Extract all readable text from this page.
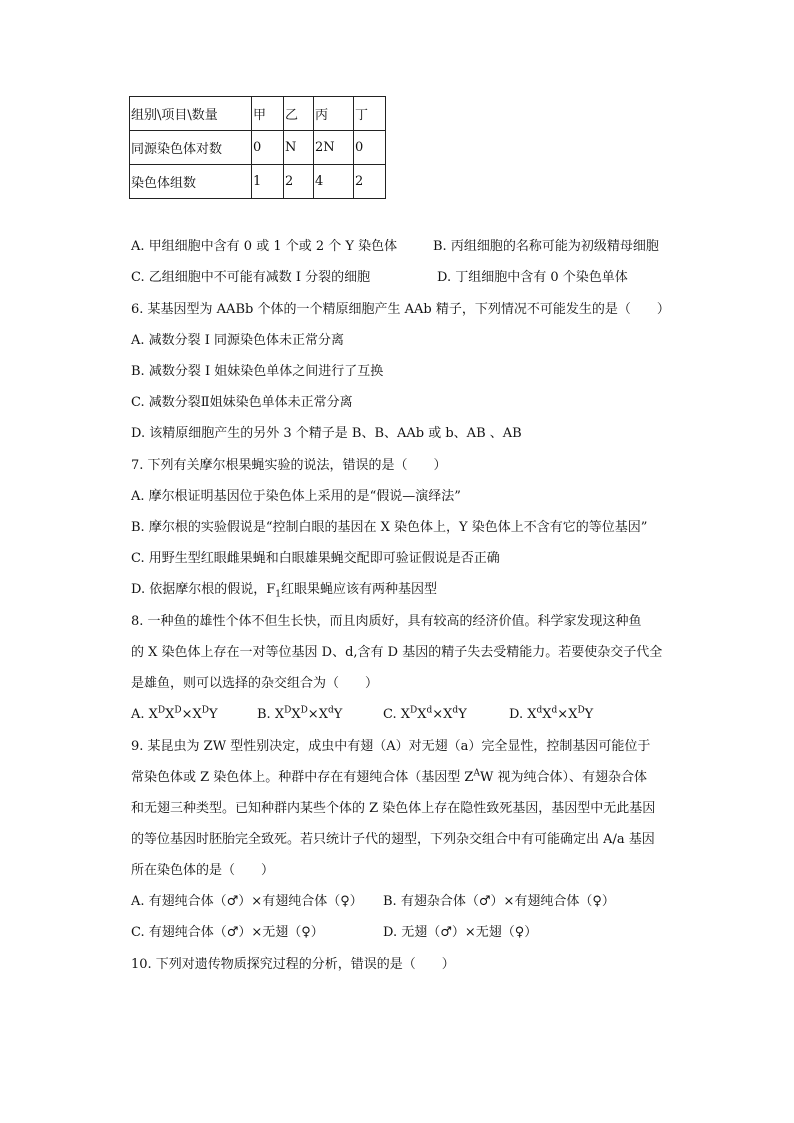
组别\项目\数量	甲	乙	丙	丁
同源染色体对数	0	N	2N	0
染色体组数	1	2	4	2
A. 甲组细胞中含有 0 或 1 个或 2 个 Y 染色体	B. 丙组细胞的名称可能为初级精母细胞
C. 乙组细胞中不可能有减数 I 分裂的细胞	D. 丁组细胞中含有 0 个染色单体
6. 某基因型为 AABb 个体的一个精原细胞产生 AAb 精子，下列情况不可能发生的是（　　）
A. 减数分裂 I 同源染色体未正常分离
B. 减数分裂 I 姐妹染色单体之间进行了互换
C. 减数分裂Ⅱ姐妹染色单体未正常分离
D. 该精原细胞产生的另外 3 个精子是 B、B、AAb 或 b、AB 、AB
7. 下列有关摩尔根果蝇实验的说法，错误的是（　　）
A. 摩尔根证明基因位于染色体上采用的是“假说—演绎法”
B. 摩尔根的实验假说是“控制白眼的基因在 X 染色体上，Y 染色体上不含有它的等位基因”
C. 用野生型红眼雌果蝇和白眼雄果蝇交配即可验证假说是否正确
D. 依据摩尔根的假说，$F_1$红眼果蝇应该有两种基因型
8. 一种鱼的雄性个体不但生长快，而且肉质好，具有较高的经济价值。科学家发现这种鱼
的 X 染色体上存在一对等位基因 D、d,含有 D 基因的精子失去受精能力。若要使杂交子代全
是雄鱼，则可以选择的杂交组合为（　　）
A. $X^DX^D\times X^DY$	B. $X^DX^D\times X^dY$	C. $X^DX^d\times X^dY$	D. $X^dX^d\times X^DY$
9. 某昆虫为 ZW 型性别决定，成虫中有翅（A）对无翅（a）完全显性，控制基因可能位于
常染色体或 Z 染色体上。种群中存在有翅纯合体（基因型 $Z^AW$ 视为纯合体）、有翅杂合体
和无翅三种类型。已知种群内某些个体的 Z 染色体上存在隐性致死基因，基因型中无此基因
的等位基因时胚胎完全致死。若只统计子代的翅型，下列杂交组合中有可能确定出 A/a 基因
所在染色体的是（　　）
A. 有翅纯合体（♂）×有翅纯合体（♀） B. 有翅杂合体（♂）×有翅纯合体（♀）
C. 有翅纯合体（♂）×无翅（♀）	D. 无翅（♂）×无翅（♀）
10. 下列对遗传物质探究过程的分析，错误的是（　　）
